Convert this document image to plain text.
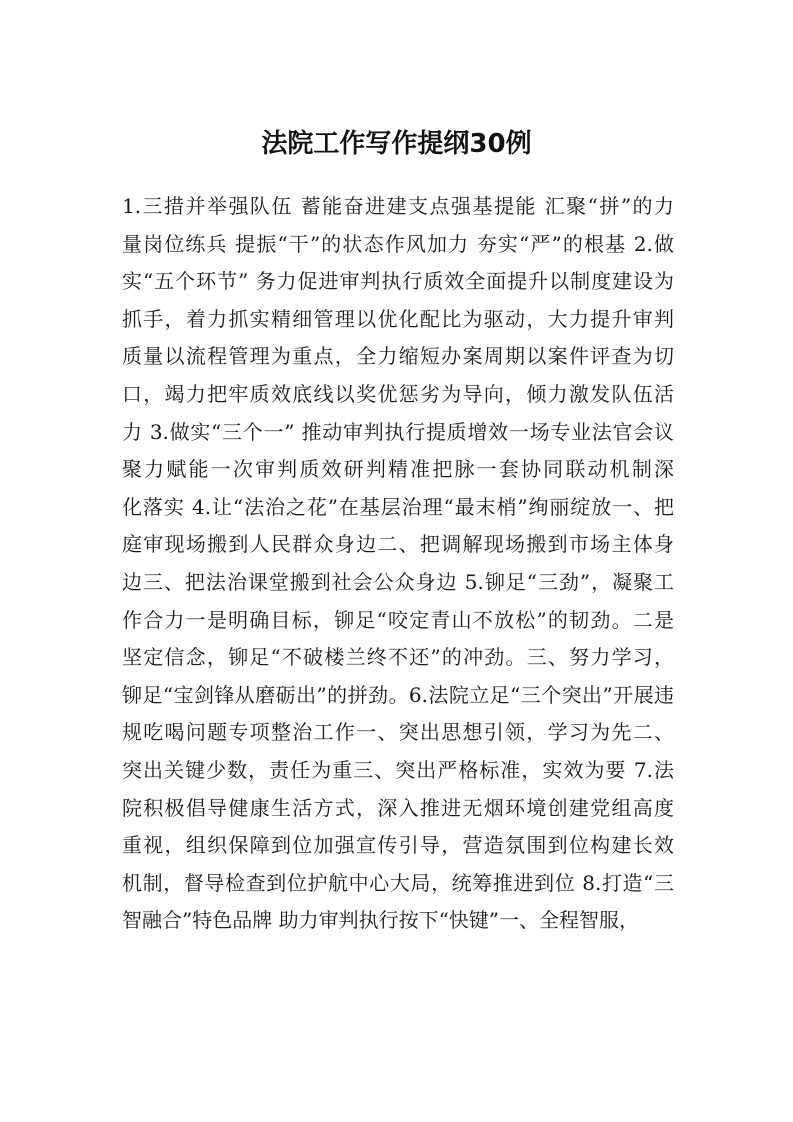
法院工作写作提纲30例
1.三措并举强队伍 蓄能奋进建支点强基提能 汇聚“拼”的力
量岗位练兵 提振“干”的状态作风加力 夯实“严”的根基 2.做
实“五个环节” 务力促进审判执行质效全面提升以制度建设为
抓手，着力抓实精细管理以优化配比为驱动，大力提升审判
质量以流程管理为重点，全力缩短办案周期以案件评查为切
口，竭力把牢质效底线以奖优惩劣为导向，倾力激发队伍活
力 3.做实“三个一” 推动审判执行提质增效一场专业法官会议
聚力赋能一次审判质效研判精准把脉一套协同联动机制深
化落实 4.让“法治之花”在基层治理“最末梢”绚丽绽放一、把
庭审现场搬到人民群众身边二、把调解现场搬到市场主体身
边三、把法治课堂搬到社会公众身边 5.铆足“三劲”，凝聚工
作合力一是明确目标，铆足“咬定青山不放松”的韧劲。二是
坚定信念，铆足“不破楼兰终不还”的冲劲。三、努力学习，
铆足“宝剑锋从磨砺出”的拼劲。6.法院立足“三个突出”开展违
规吃喝问题专项整治工作一、突出思想引领，学习为先二、
突出关键少数，责任为重三、突出严格标准，实效为要 7.法
院积极倡导健康生活方式，深入推进无烟环境创建党组高度
重视，组织保障到位加强宣传引导，营造氛围到位构建长效
机制，督导检查到位护航中心大局，统筹推进到位 8.打造“三
智融合”特色品牌 助力审判执行按下“快键”一、全程智服，
